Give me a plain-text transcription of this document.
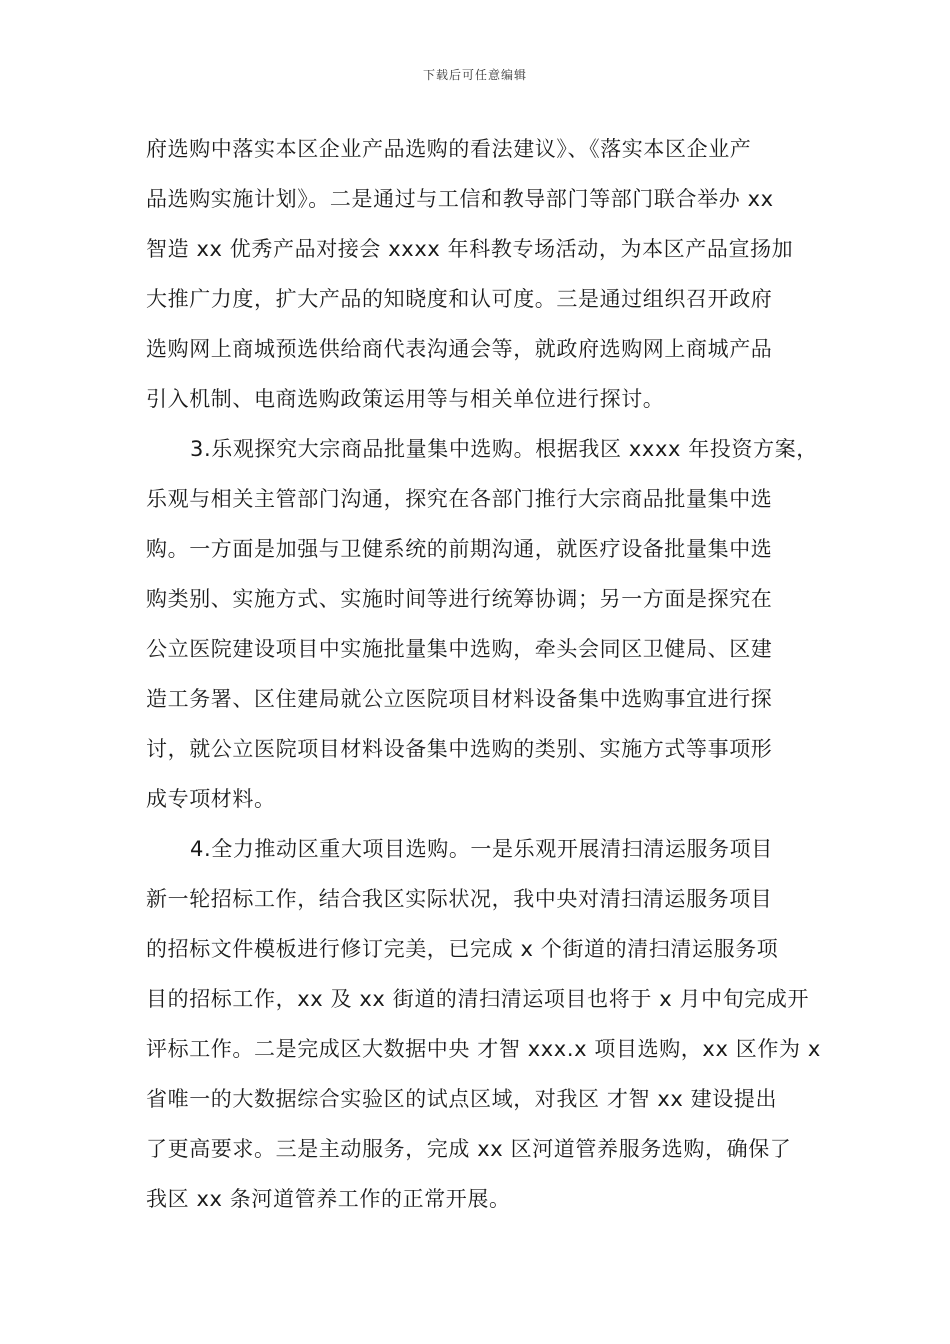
下载后可任意编辑

府选购中落实本区企业产品选购的看法建议》、《落实本区企业产
品选购实施计划》。二是通过与工信和教导部门等部门联合举办 xx
智造 xx 优秀产品对接会 xxxx 年科教专场活动，为本区产品宣扬加
大推广力度，扩大产品的知晓度和认可度。三是通过组织召开政府
选购网上商城预选供给商代表沟通会等，就政府选购网上商城产品
引入机制、电商选购政策运用等与相关单位进行探讨。

3.乐观探究大宗商品批量集中选购。根据我区 xxxx 年投资方案，
乐观与相关主管部门沟通，探究在各部门推行大宗商品批量集中选
购。一方面是加强与卫健系统的前期沟通，就医疗设备批量集中选
购类别、实施方式、实施时间等进行统筹协调；另一方面是探究在
公立医院建设项目中实施批量集中选购，牵头会同区卫健局、区建
造工务署、区住建局就公立医院项目材料设备集中选购事宜进行探
讨，就公立医院项目材料设备集中选购的类别、实施方式等事项形
成专项材料。

4.全力推动区重大项目选购。一是乐观开展清扫清运服务项目
新一轮招标工作，结合我区实际状况，我中央对清扫清运服务项目
的招标文件模板进行修订完美，已完成 x 个街道的清扫清运服务项
目的招标工作，xx 及 xx 街道的清扫清运项目也将于 x 月中旬完成开
评标工作。二是完成区大数据中央 才智 xxx.x 项目选购，xx 区作为 x
省唯一的大数据综合实验区的试点区域，对我区 才智 xx 建设提出
了更高要求。三是主动服务，完成 xx 区河道管养服务选购，确保了
我区 xx 条河道管养工作的正常开展。
